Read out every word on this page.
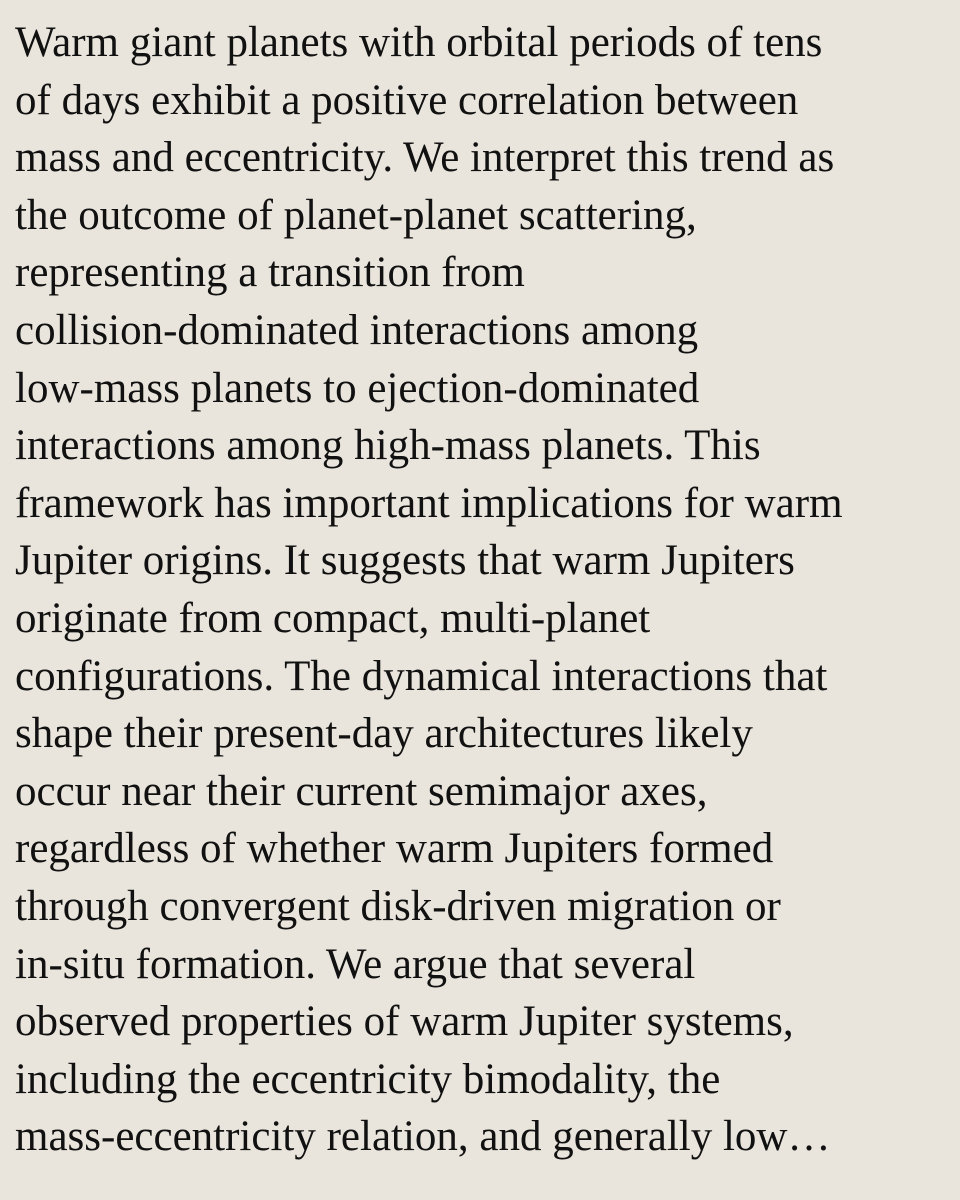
Warm giant planets with orbital periods of tens
of days exhibit a positive correlation between
mass and eccentricity. We interpret this trend as
the outcome of planet-planet scattering,
representing a transition from
collision-dominated interactions among
low-mass planets to ejection-dominated
interactions among high-mass planets. This
framework has important implications for warm
Jupiter origins. It suggests that warm Jupiters
originate from compact, multi-planet
configurations. The dynamical interactions that
shape their present-day architectures likely
occur near their current semimajor axes,
regardless of whether warm Jupiters formed
through convergent disk-driven migration or
in-situ formation. We argue that several
observed properties of warm Jupiter systems,
including the eccentricity bimodality, the
mass-eccentricity relation, and generally low…
